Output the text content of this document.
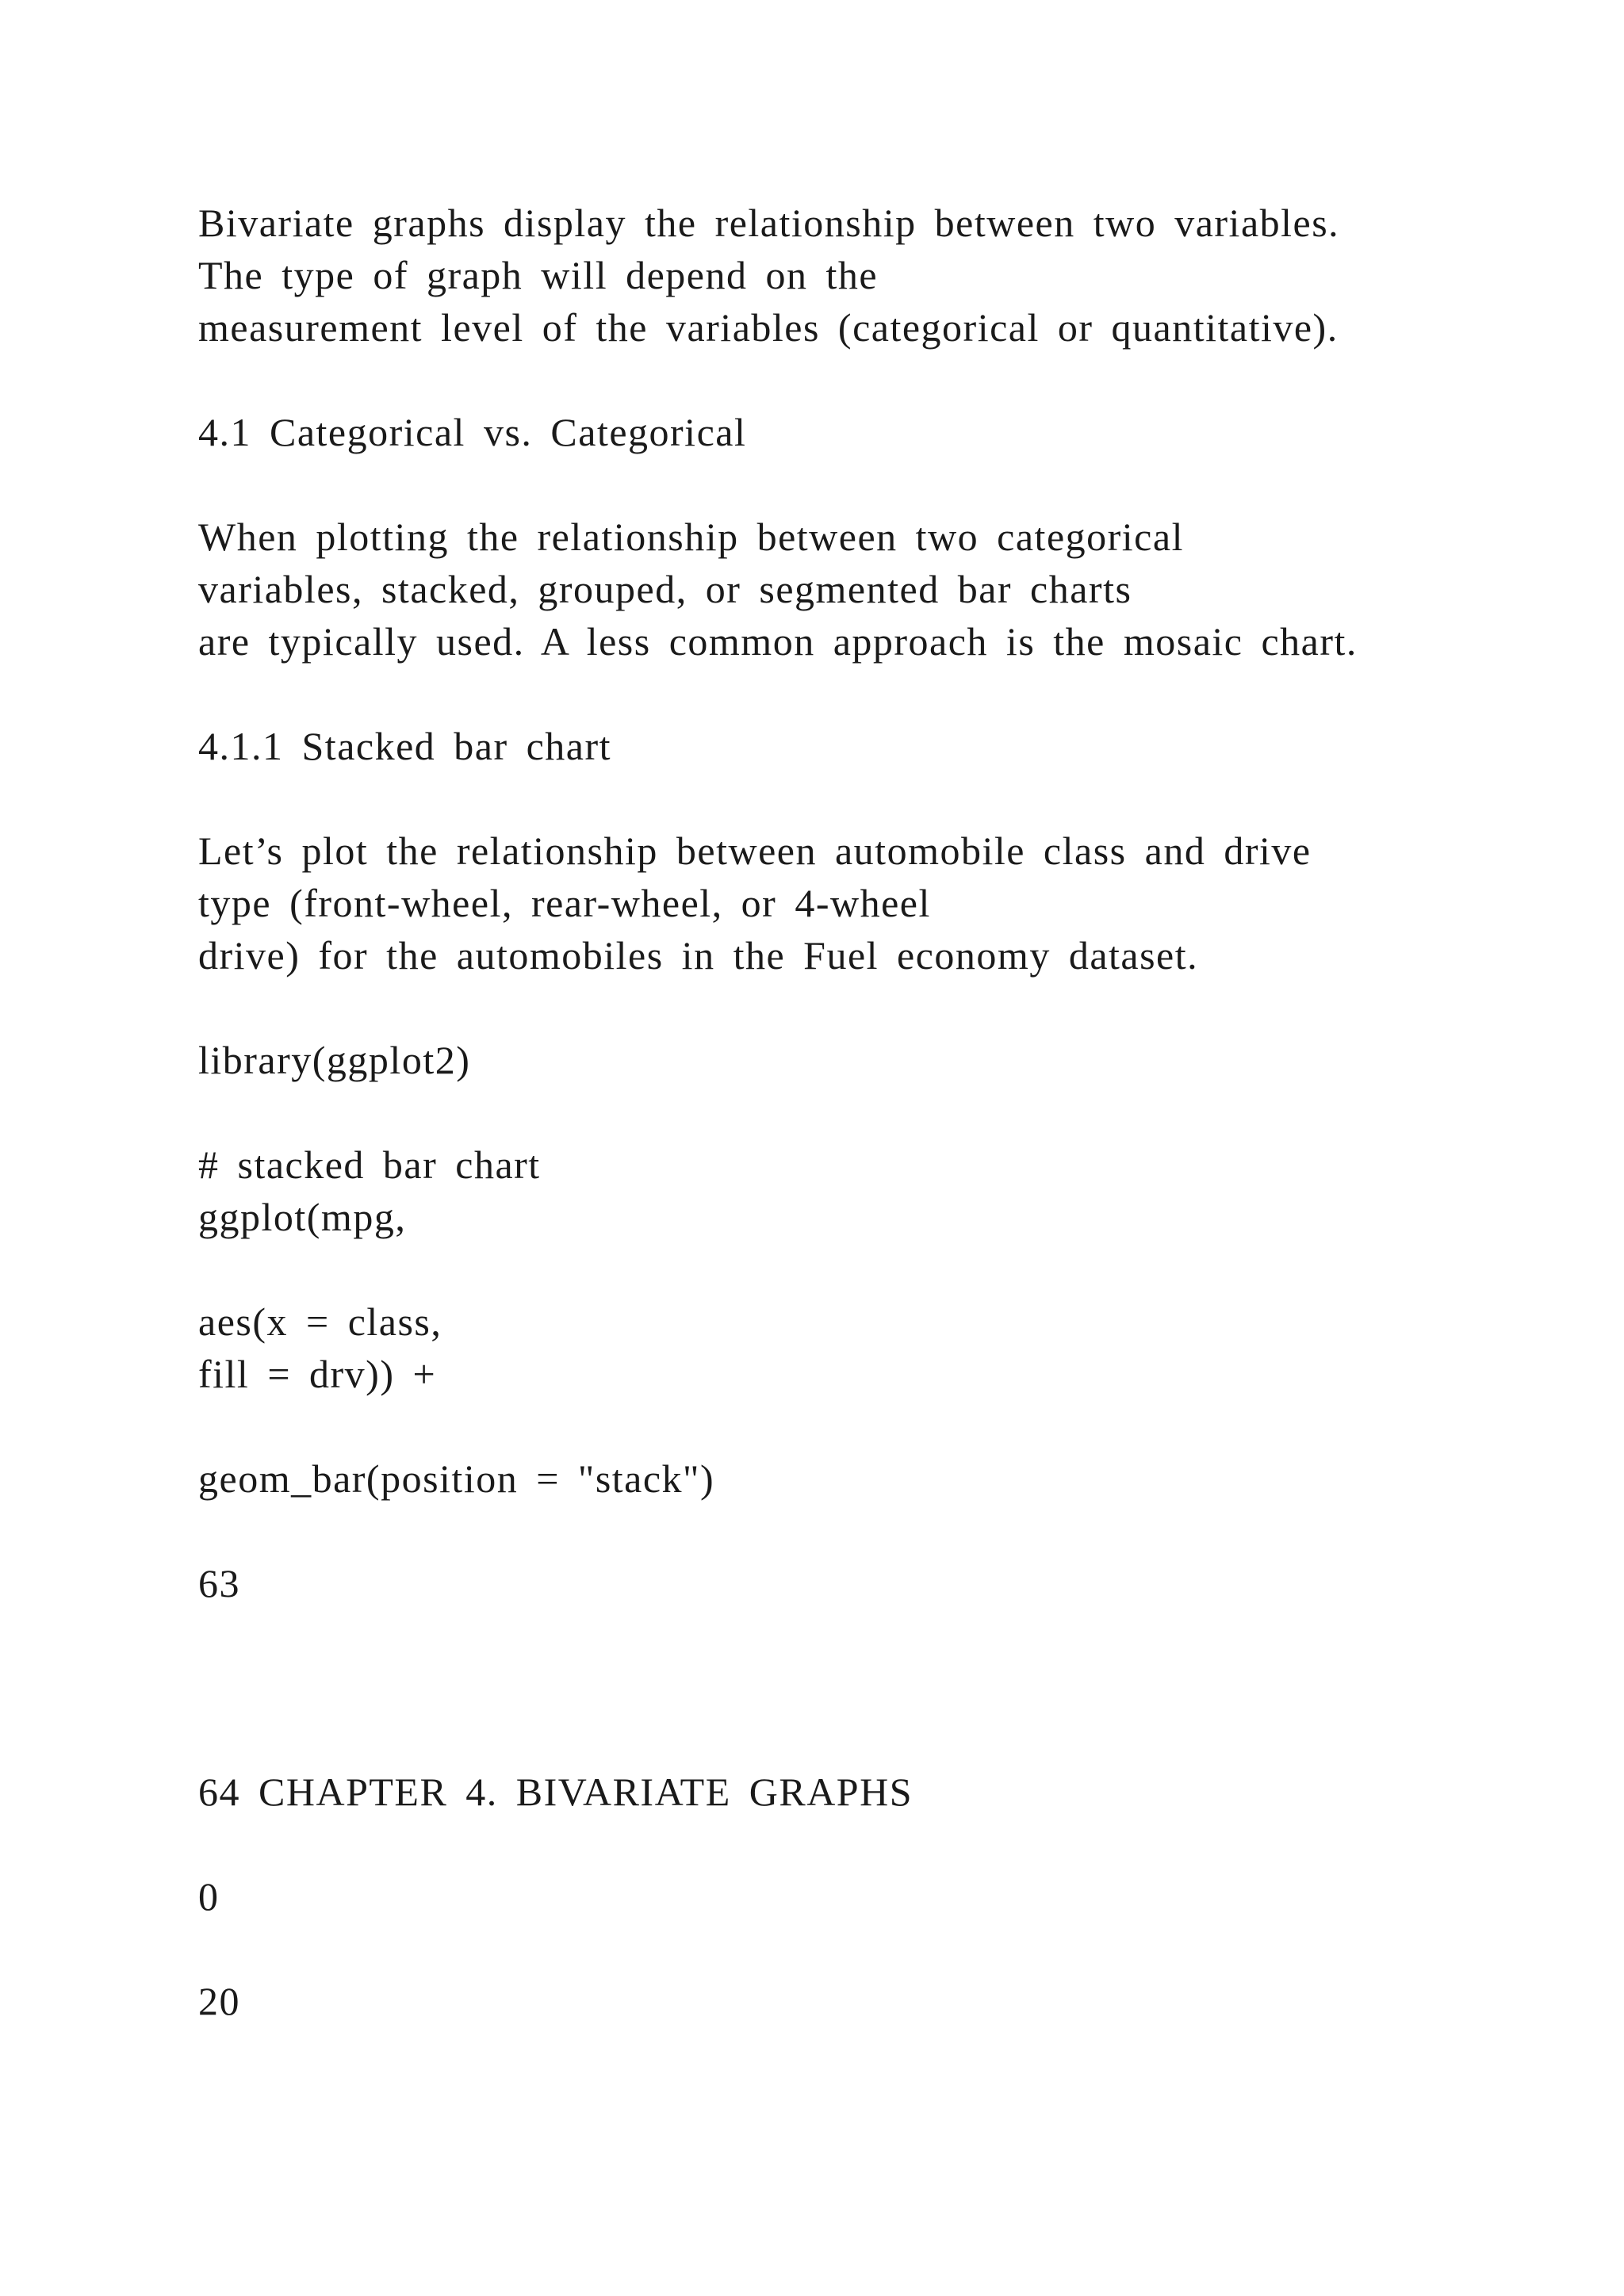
Bivariate graphs display the relationship between two variables.
The type of graph will depend on the
measurement level of the variables (categorical or quantitative).
4.1 Categorical vs. Categorical
When plotting the relationship between two categorical
variables, stacked, grouped, or segmented bar charts
are typically used. A less common approach is the mosaic chart.
4.1.1 Stacked bar chart
Let’s plot the relationship between automobile class and drive
type (front-wheel, rear-wheel, or 4-wheel
drive) for the automobiles in the Fuel economy dataset.
library(ggplot2)
# stacked bar chart
ggplot(mpg,
aes(x = class,
fill = drv)) +
geom_bar(position = "stack")
63
64 CHAPTER 4. BIVARIATE GRAPHS
0
20
